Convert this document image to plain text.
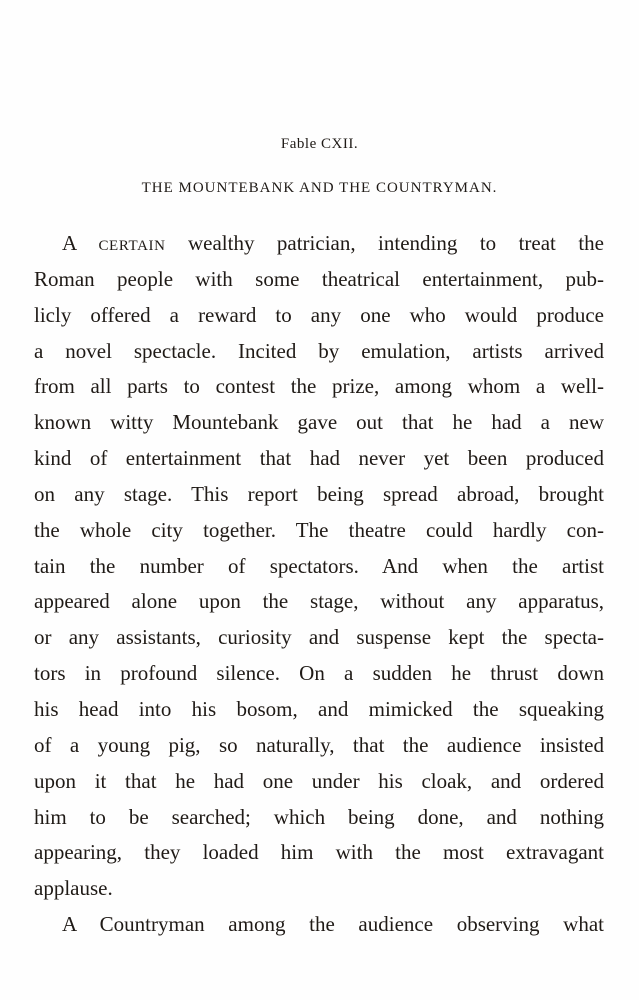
Fable CXII.
THE MOUNTEBANK AND THE COUNTRYMAN.
A CERTAIN wealthy patrician, intending to treat the
Roman people with some theatrical entertainment, pub-
licly offered a reward to any one who would produce
a novel spectacle. Incited by emulation, artists arrived
from all parts to contest the prize, among whom a well-
known witty Mountebank gave out that he had a new
kind of entertainment that had never yet been produced
on any stage. This report being spread abroad, brought
the whole city together. The theatre could hardly con-
tain the number of spectators. And when the artist
appeared alone upon the stage, without any apparatus,
or any assistants, curiosity and suspense kept the specta-
tors in profound silence. On a sudden he thrust down
his head into his bosom, and mimicked the squeaking
of a young pig, so naturally, that the audience insisted
upon it that he had one under his cloak, and ordered
him to be searched; which being done, and nothing
appearing, they loaded him with the most extravagant
applause.
A Countryman among the audience observing what
